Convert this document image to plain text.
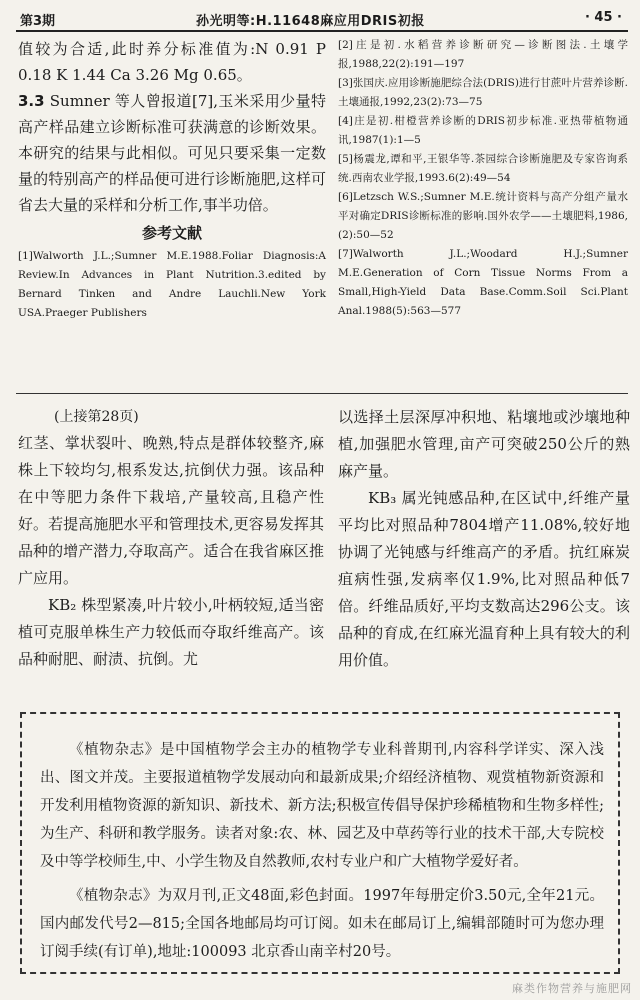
第3期	孙光明等:H.11648麻应用DRIS初报	· 45 ·

值较为合适,此时养分标准值为:N 0.91 P 0.18 K 1.44 Ca 3.26 Mg 0.65。

3.3 Sumner 等人曾报道[7],玉米采用少量特高产样品建立诊断标准可获满意的诊断效果。本研究的结果与此相似。可见只要采集一定数量的特别高产的样品便可进行诊断施肥,这样可省去大量的采样和分析工作,事半功倍。

参考文献

[1]Walworth J.L.;Sumner M.E.1988.Foliar Diagnosis:A Review.In Advances in Plant Nutrition.3.edited by Bernard Tinken and Andre Lauchli.New York USA.Praeger Publishers

[2]庄是初.水稻营养诊断研究—诊断图法.土壤学报,1988,22(2):191—197

[3]张国庆.应用诊断施肥综合法(DRIS)进行甘蔗叶片营养诊断.土壤通报,1992,23(2):73—75

[4]庄是初.柑橙营养诊断的DRIS初步标准.亚热带植物通讯,1987(1):1—5

[5]杨震龙,谭和平,王银华等.茶园综合诊断施肥及专家咨询系统.西南农业学报,1993.6(2):49—54

[6]Letzsch W.S.;Sumner M.E.统计资料与高产分组产量水平对确定DRIS诊断标准的影响.国外农学——土壤肥料,1986,(2):50—52

[7]Walworth J.L.;Woodard H.J.;Sumner M.E.Generation of Corn Tissue Norms From a Small,High-Yield Data Base.Comm.Soil Sci.Plant Anal.1988(5):563—577

(上接第28页)

红茎、掌状裂叶、晚熟,特点是群体较整齐,麻株上下较均匀,根系发达,抗倒伏力强。该品种在中等肥力条件下栽培,产量较高,且稳产性好。若提高施肥水平和管理技术,更容易发挥其品种的增产潜力,夺取高产。适合在我省麻区推广应用。

KB₂ 株型紧凑,叶片较小,叶柄较短,适当密植可克服单株生产力较低而夺取纤维高产。该品种耐肥、耐渍、抗倒。尤

以选择土层深厚冲积地、粘壤地或沙壤地种植,加强肥水管理,亩产可突破250公斤的熟麻产量。

KB₃ 属光钝感品种,在区试中,纤维产量平均比对照品种7804增产11.08%,较好地协调了光钝感与纤维高产的矛盾。抗红麻炭疽病性强,发病率仅1.9%,比对照品种低7倍。纤维品质好,平均支数高达296公支。该品种的育成,在红麻光温育种上具有较大的利用价值。

《植物杂志》是中国植物学会主办的植物学专业科普期刊,内容科学详实、深入浅出、图文并茂。主要报道植物学发展动向和最新成果;介绍经济植物、观赏植物新资源和开发利用植物资源的新知识、新技术、新方法;积极宣传倡导保护珍稀植物和生物多样性;为生产、科研和教学服务。读者对象:农、林、园艺及中草药等行业的技术干部,大专院校及中等学校师生,中、小学生物及自然教师,农村专业户和广大植物学爱好者。

《植物杂志》为双月刊,正文48面,彩色封面。1997年每册定价3.50元,全年21元。国内邮发代号2—815;全国各地邮局均可订阅。如未在邮局订上,编辑部随时可为您办理订阅手续(有订单),地址:100093 北京香山南辛村20号。

麻类作物营养与施肥网
